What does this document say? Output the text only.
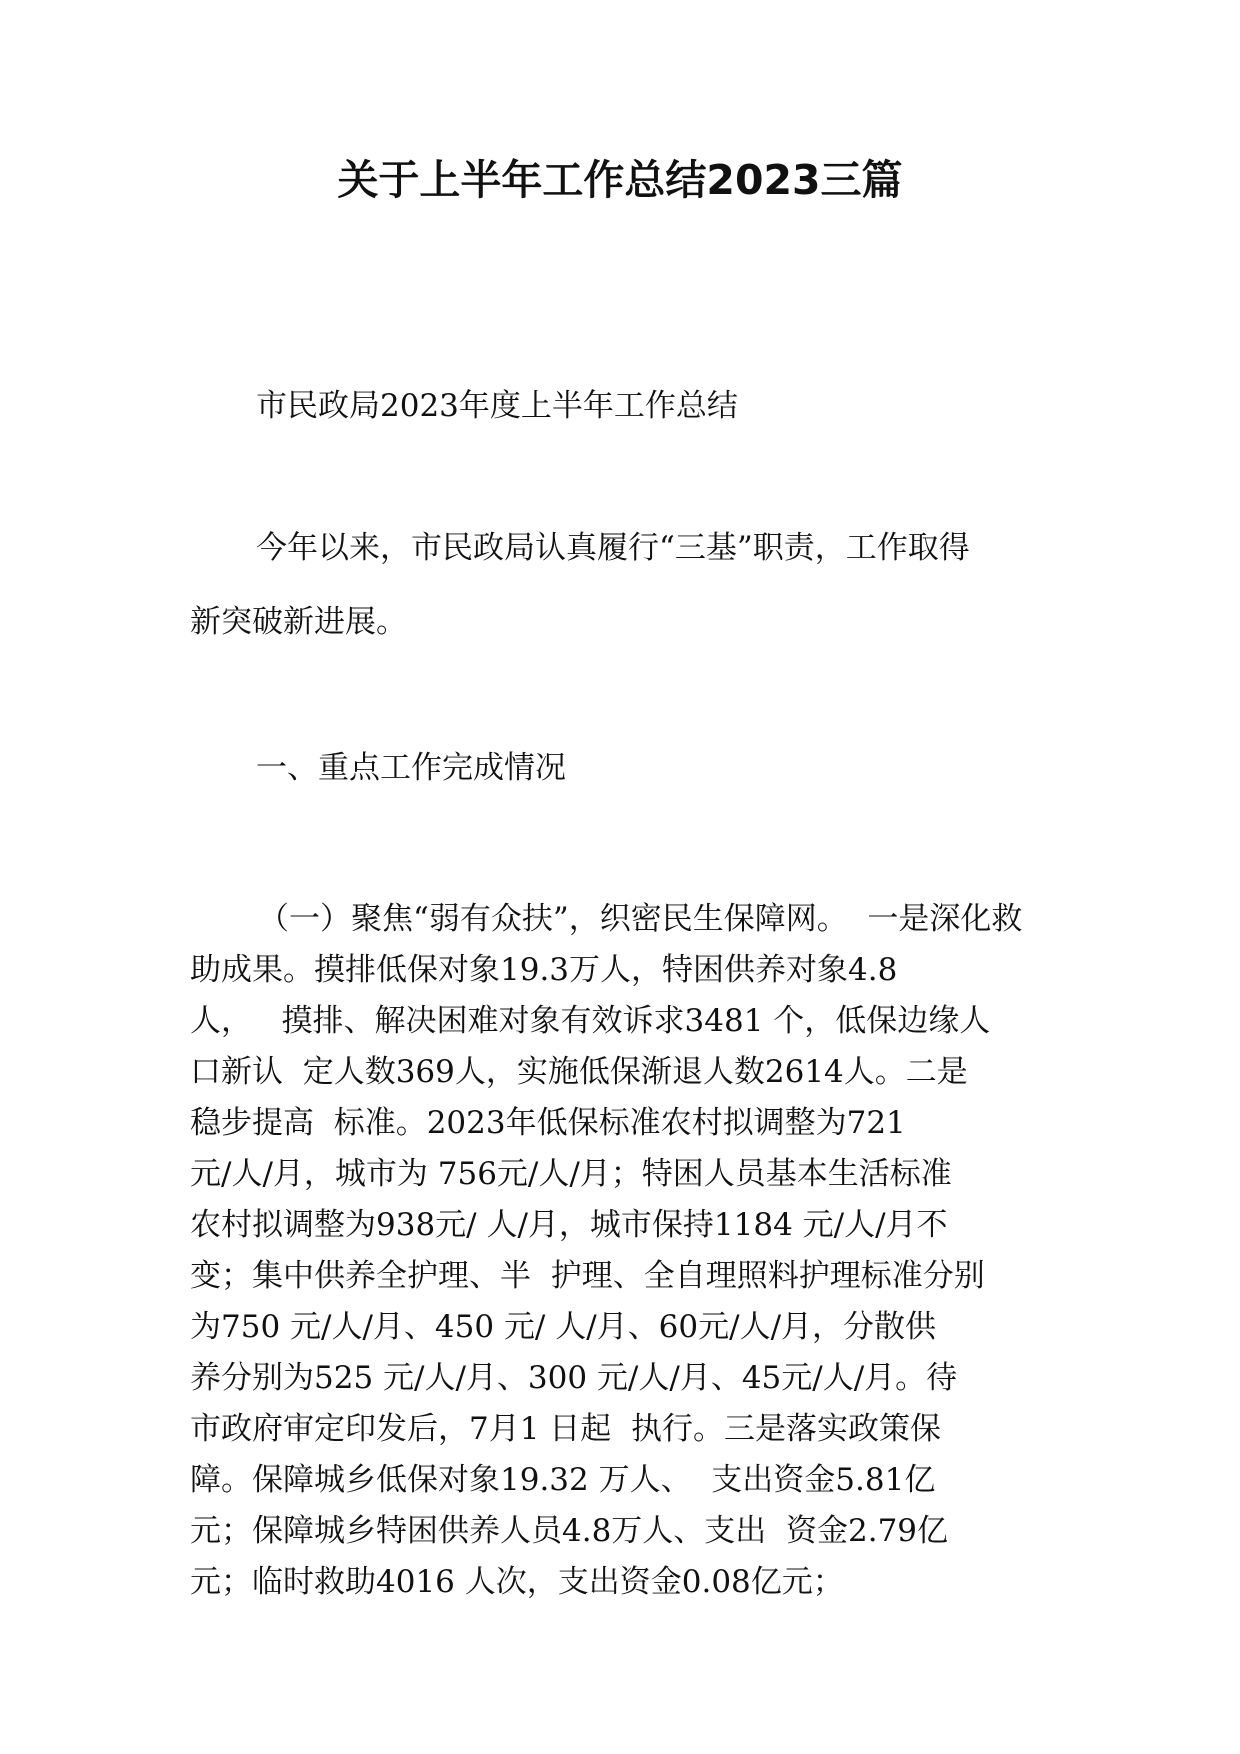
关于上半年工作总结2023三篇
市民政局2023年度上半年工作总结
今年以来，市民政局认真履行“三基”职责，工作取得
新突破新进展。
一、重点工作完成情况
（一）聚焦“弱有众扶”，织密民生保障网。  一是深化救
助成果。摸排低保对象19.3万人，特困供养对象4.8
人，   摸排、解决困难对象有效诉求3481 个，低保边缘人
口新认  定人数369人，实施低保渐退人数2614人。二是
稳步提高  标准。2023年低保标准农村拟调整为721
元/人/月，城市为 756元/人/月；特困人员基本生活标准
农村拟调整为938元/ 人/月，城市保持1184 元/人/月不
变；集中供养全护理、半  护理、全自理照料护理标准分别
为750 元/人/月、450 元/ 人/月、60元/人/月，分散供
养分别为525 元/人/月、300 元/人/月、45元/人/月。待
市政府审定印发后，7月1 日起  执行。三是落实政策保
障。保障城乡低保对象19.32 万人、  支出资金5.81亿
元；保障城乡特困供养人员4.8万人、支出  资金2.79亿
元；临时救助4016 人次，支出资金0.08亿元；
